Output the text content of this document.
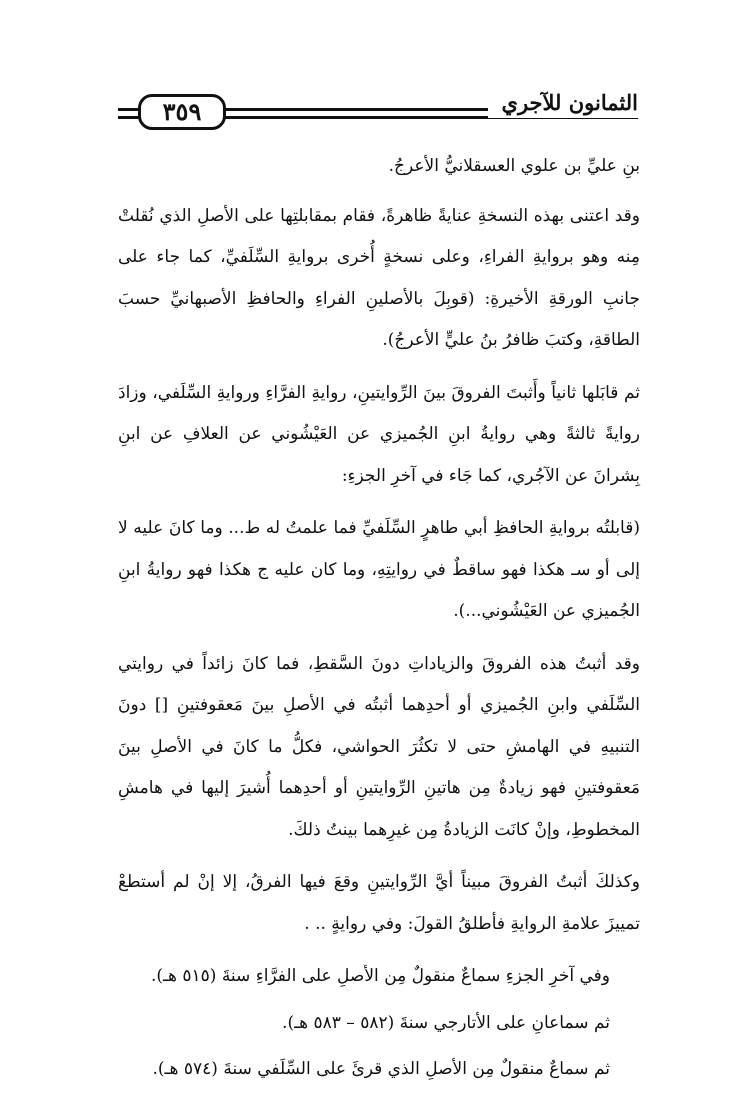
٣٥٩	الثمانون للآجري

بنِ عليِّ بن علوي العسقلانيُّ الأعرجُ.

وقد اعتنى بهذه النسخةِ عنايةً ظاهرةً، فقام بمقابلتِها على الأصلِ الذي نُقلتْ مِنه وهو بروايةِ الفراءِ، وعلى نسخةٍ أُخرى بروايةِ السِّلَفيِّ، كما جاء على جانبِ الورقةِ الأخيرةِ: (قوبِلَ بالأصلينِ الفراءِ والحافظِ الأصبهانيِّ حسبَ الطاقةِ، وكتبَ ظافرُ بنُ عليٍّ الأعرجُ).

ثم قابَلها ثانياً وأَثبتَ الفروقَ بينَ الرِّوايتينِ، روايةِ الفرَّاءِ وروايةِ السِّلَفي، وزادَ روايةً ثالثةً وهي روايةُ ابنِ الجُميزي عن العَيْشُوني عن العلافِ عن ابنِ بِشرانَ عن الآجُري، كما جَاء في آخرِ الجزءِ:

(قابلتُه بروايةِ الحافظِ أبي طاهرٍ السِّلَفيِّ فما علمتُ له ط... وما كانَ عليه لا إلى أو سـ هكذا فهو ساقطٌ في روايتِهِ، وما كان عليه ج هكذا فهو روايةُ ابنِ الجُميزي عن العَيْشُوني...).

وقد أثبتُ هذه الفروقَ والزياداتِ دونَ السَّقطِ، فما كانَ زائداً في روايتي السِّلَفي وابنِ الجُميزي أو أحدِهما أثبتُه في الأصلِ بينَ مَعقوفتينِ [] دونَ التنبيهِ في الهامشِ حتى لا تكثُرَ الحواشي، فكلُّ ما كانَ في الأصلِ بينَ مَعقوفتينِ فهو زيادةٌ مِن هاتينِ الرِّوايتينِ أو أحدِهما أُشيرَ إليها في هامشِ المخطوطِ، وإنْ كانَت الزيادةُ مِن غيرِهما بينتُ ذلكَ.

وكذلكَ أثبتُ الفروقَ مبيناً أيَّ الرِّوايتينِ وقعَ فيها الفرقُ، إلا إنْ لم أستطعْ تمييزَ علامةِ الروايةِ فأطلقُ القولَ: وفي روايةٍ .. .

وفي آخرِ الجزءِ سماعٌ منقولٌ مِن الأصلِ على الفرَّاءِ سنةَ (٥١٥ هـ).

ثم سماعانِ على الأتارجي سنةَ (٥٨٢ – ٥٨٣ هـ).

ثم سماعٌ منقولٌ مِن الأصلِ الذي قرئَ على السِّلَفي سنةَ (٥٧٤ هـ).
